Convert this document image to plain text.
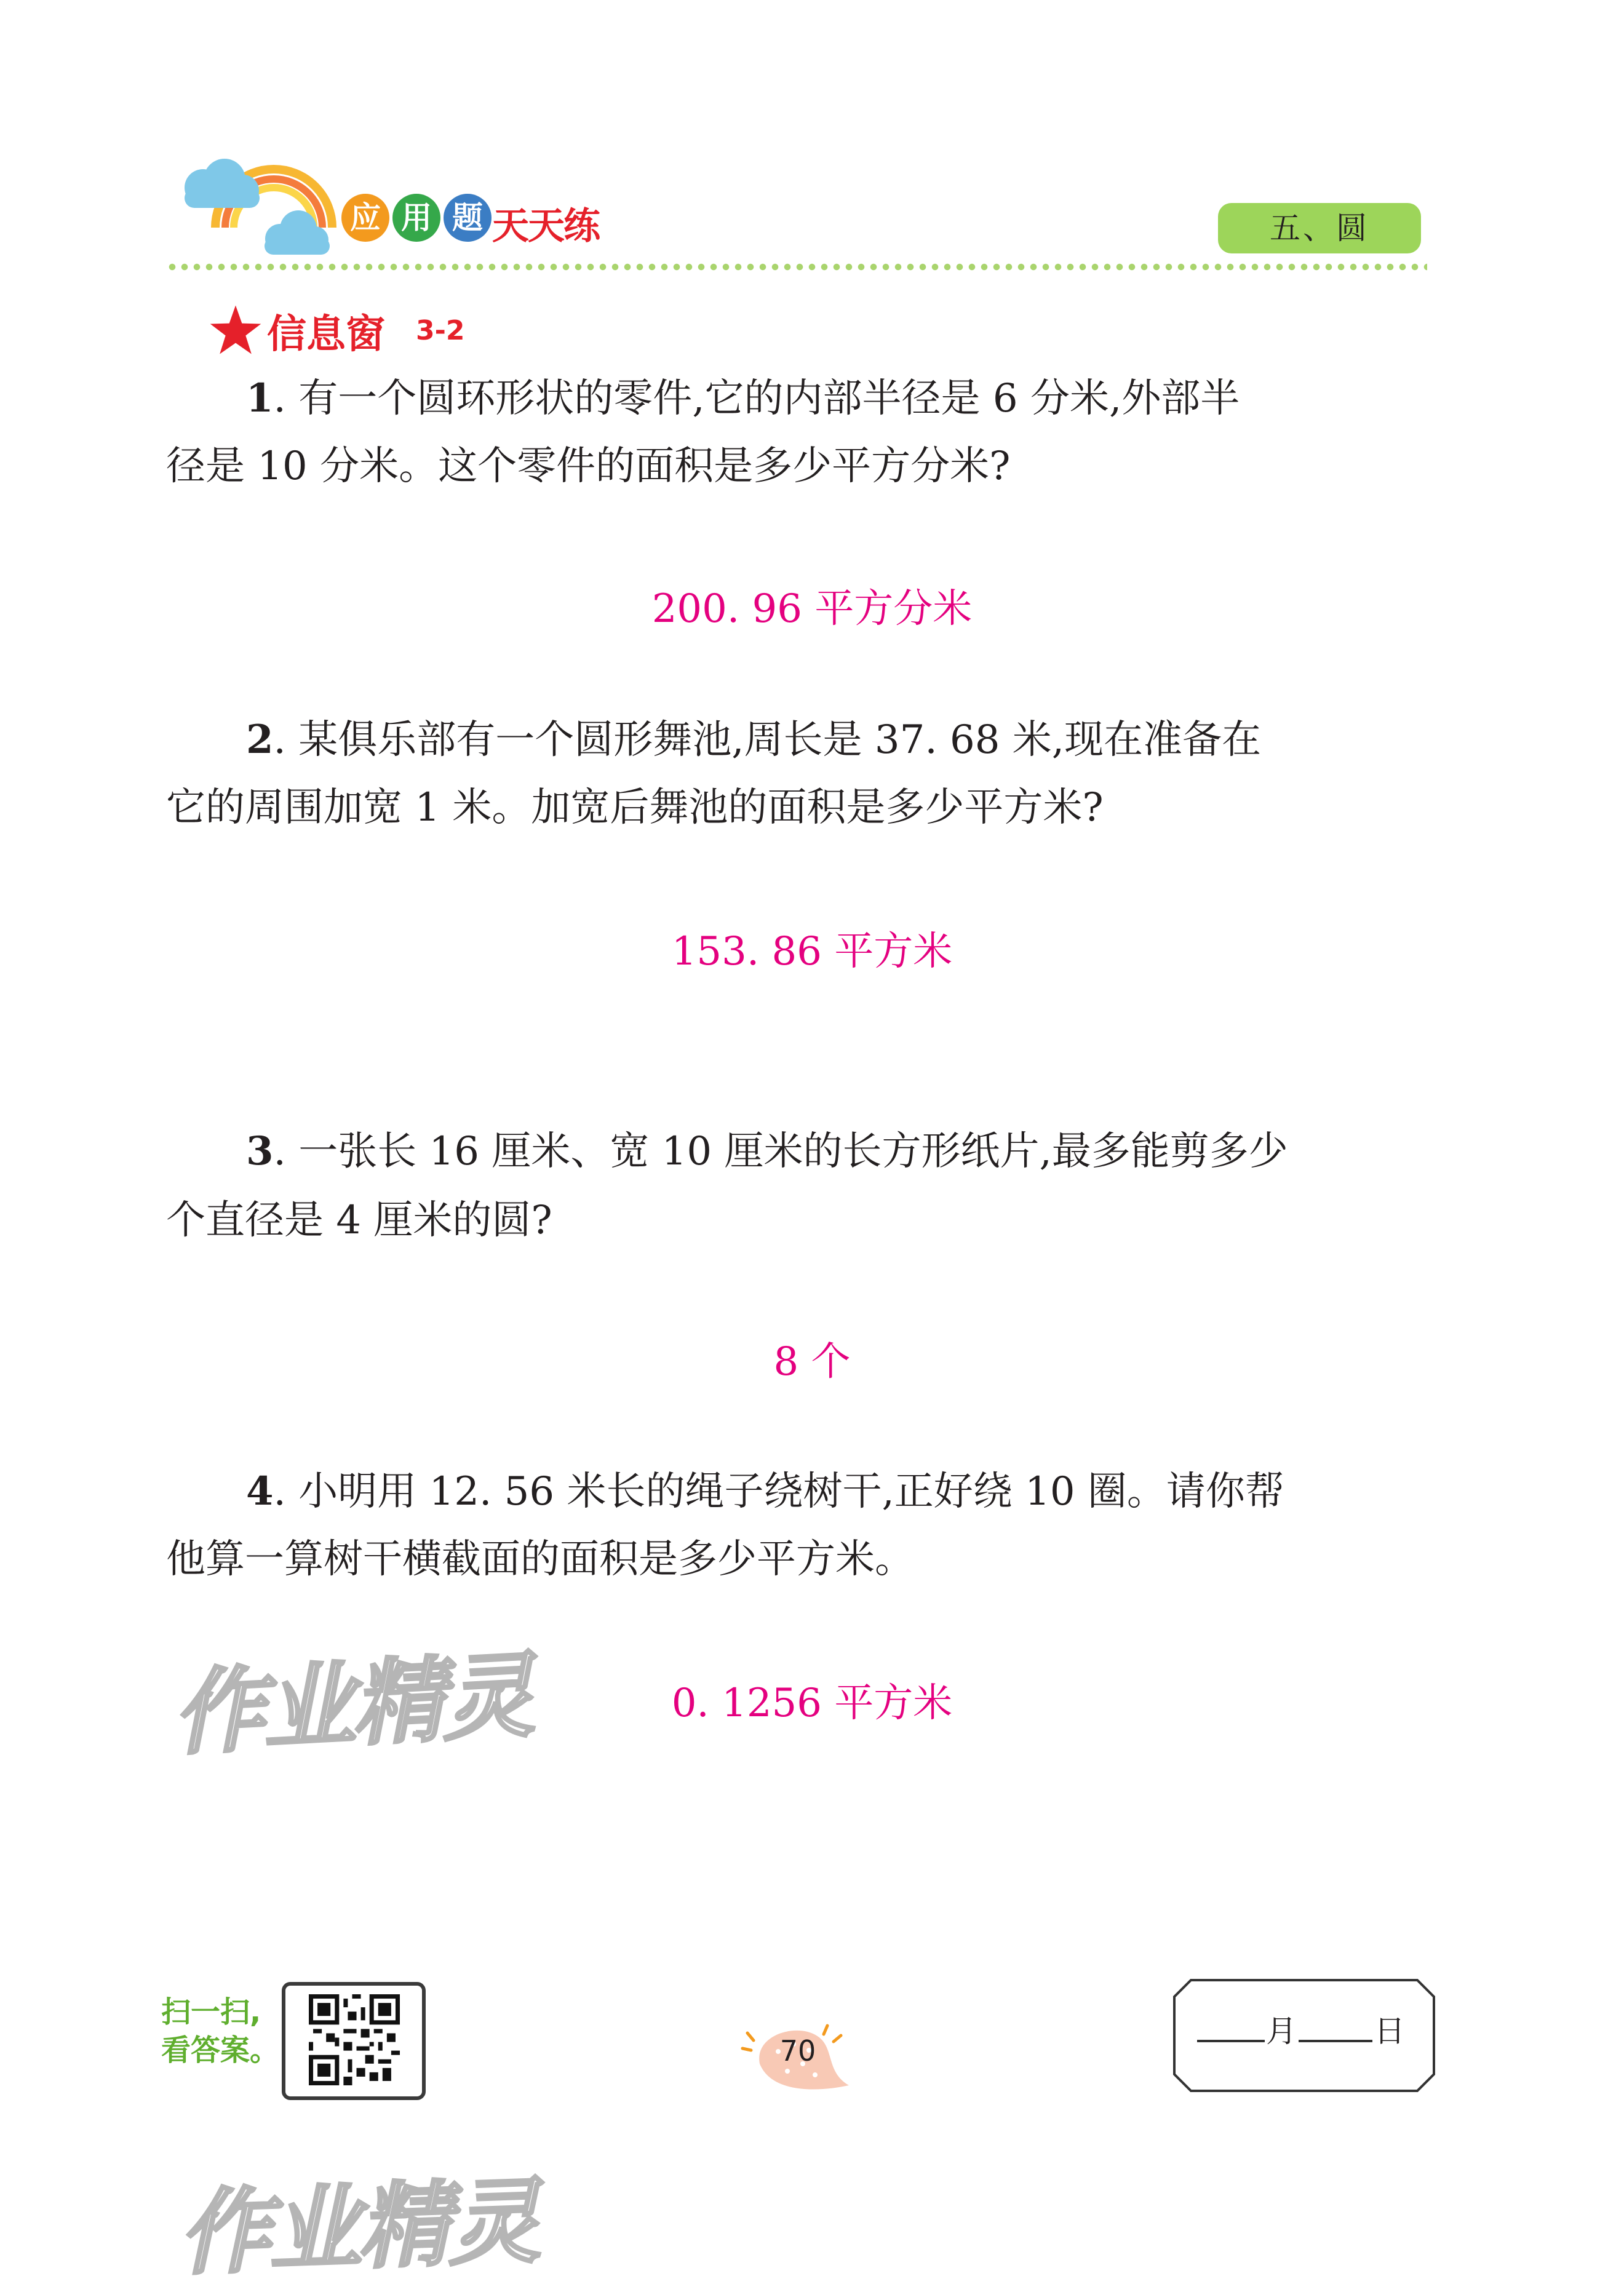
应 用 题 天天练	五、圆
信息窗 3-2
1. 有一个圆环形状的零件,它的内部半径是 6 分米,外部半
径是 10 分米。这个零件的面积是多少平方分米?
200. 96 平方分米
2. 某俱乐部有一个圆形舞池,周长是 37. 68 米,现在准备在
它的周围加宽 1 米。加宽后舞池的面积是多少平方米?
153. 86 平方米
3. 一张长 16 厘米、宽 10 厘米的长方形纸片,最多能剪多少
个直径是 4 厘米的圆?
8 个
4. 小明用 12. 56 米长的绳子绕树干,正好绕 10 圈。请你帮
他算一算树干横截面的面积是多少平方米。
0. 1256 平方米
作业精灵
作业精灵
扫一扫,
看答案。	70
月	日
